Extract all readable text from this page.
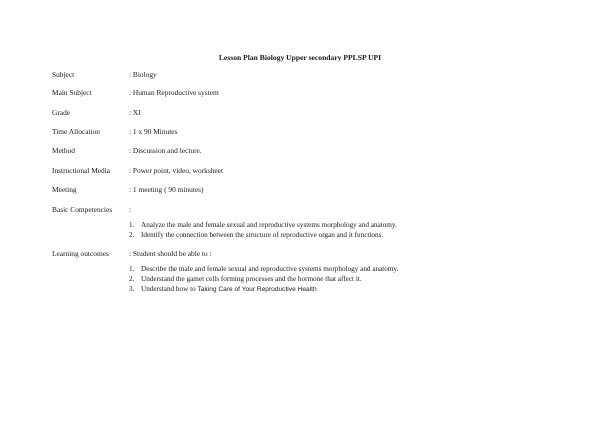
Lesson Plan Biology Upper secondary PPLSP UPI
Subject	: Biology
Main Subject	: Human Reproductive system
Grade	: XI
Time Allocation	: 1 x 90 Minutes
Method	: Discussion and lecture.
Instructional Media	: Power point, video, worksheet
Meeting	: 1 meeting ( 90 minutes)
Basic Competencies :
1. Analyze the male and female sexual and reproductive systems morphology and anatomy.
2. Identify the connection between the structure of reproductive organ and it functions.
Learning outcomes	: Student should be able to :
1. Describe the male and female sexual and reproductive systems morphology and anatomy.
2. Understand the gamet cells forming processes and the hormone that affect it.
3. Understand how to Taking Care of Your Reproductive Health
